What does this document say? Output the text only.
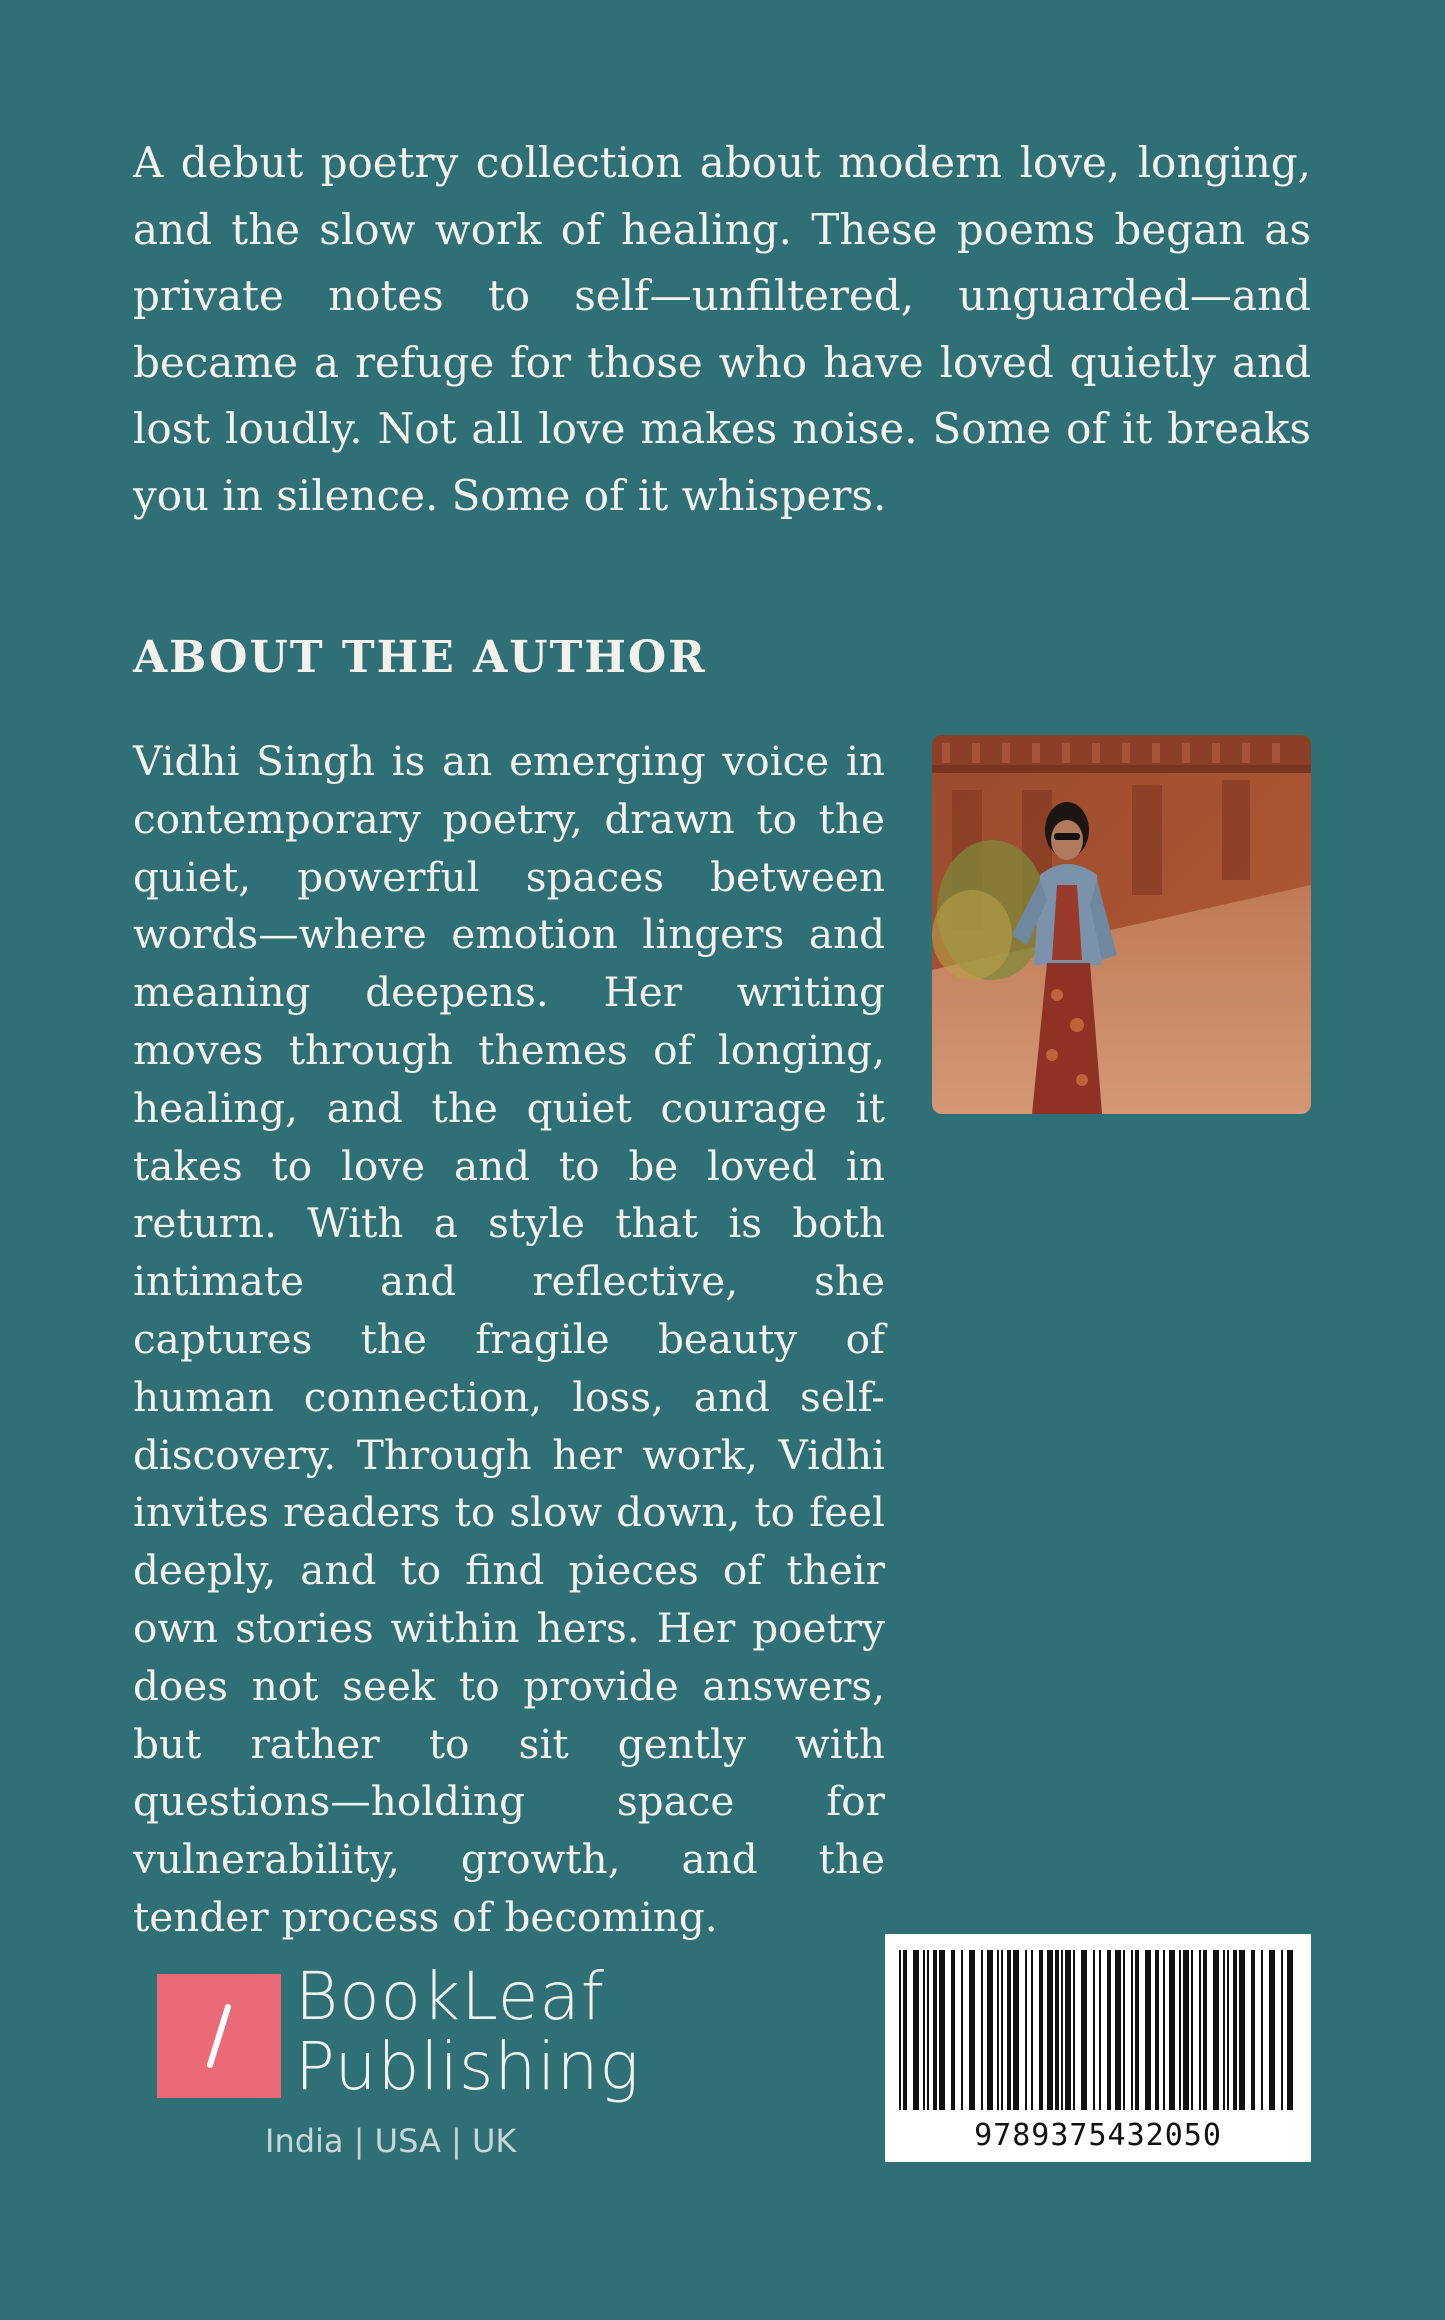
A debut poetry collection about modern love, longing, and the slow work of healing. These poems began as private notes to self—unfiltered, unguarded—and became a refuge for those who have loved quietly and lost loudly. Not all love makes noise. Some of it breaks you in silence. Some of it whispers.
ABOUT THE AUTHOR
Vidhi Singh is an emerging voice in contemporary poetry, drawn to the quiet, powerful spaces between words—where emotion lingers and meaning deepens. Her writing moves through themes of longing, healing, and the quiet courage it takes to love and to be loved in return. With a style that is both intimate and reflective, she captures the fragile beauty of human connection, loss, and self-discovery. Through her work, Vidhi invites readers to slow down, to feel deeply, and to find pieces of their own stories within hers. Her poetry does not seek to provide answers, but rather to sit gently with questions—holding space for vulnerability, growth, and the tender process of becoming.
BookLeaf
Publishing
India | USA | UK	9789375432050
